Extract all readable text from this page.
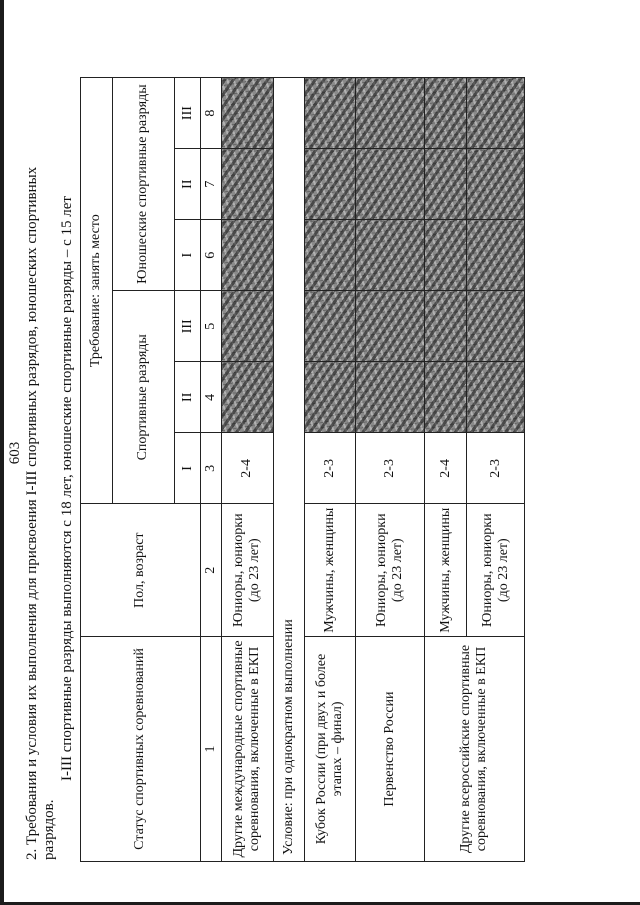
603 2. Требования и условия их выполнения для присвоения I-III спортивных разрядов, юношеских спортивных разрядов.
I-III спортивные разряды выполняются с 18 лет, юношеские спортивные разряды – с 15 лет	Статус спортивных соревнований	Пол, возраст	Требование: занять место					
		Спортивные разряды			Юношеские спортивные разряды		
		I	II	III	I	II	III
1	2	3	4	5	6	7	8
Другие международные спортивные соревнования, включенные в ЕКП	Юниоры, юниорки (до 23 лет)	2-4					
Условие: при однократном выполнении							
Кубок России (при двух и более этапах – финал)	Мужчины, женщины	2-3					
Первенство России	Юниоры, юниорки (до 23 лет)	2-3					
Другие всероссийские спортивные соревнования, включенные в ЕКП	Мужчины, женщины	2-4					
	Юниоры, юниорки (до 23 лет)	2-3					
